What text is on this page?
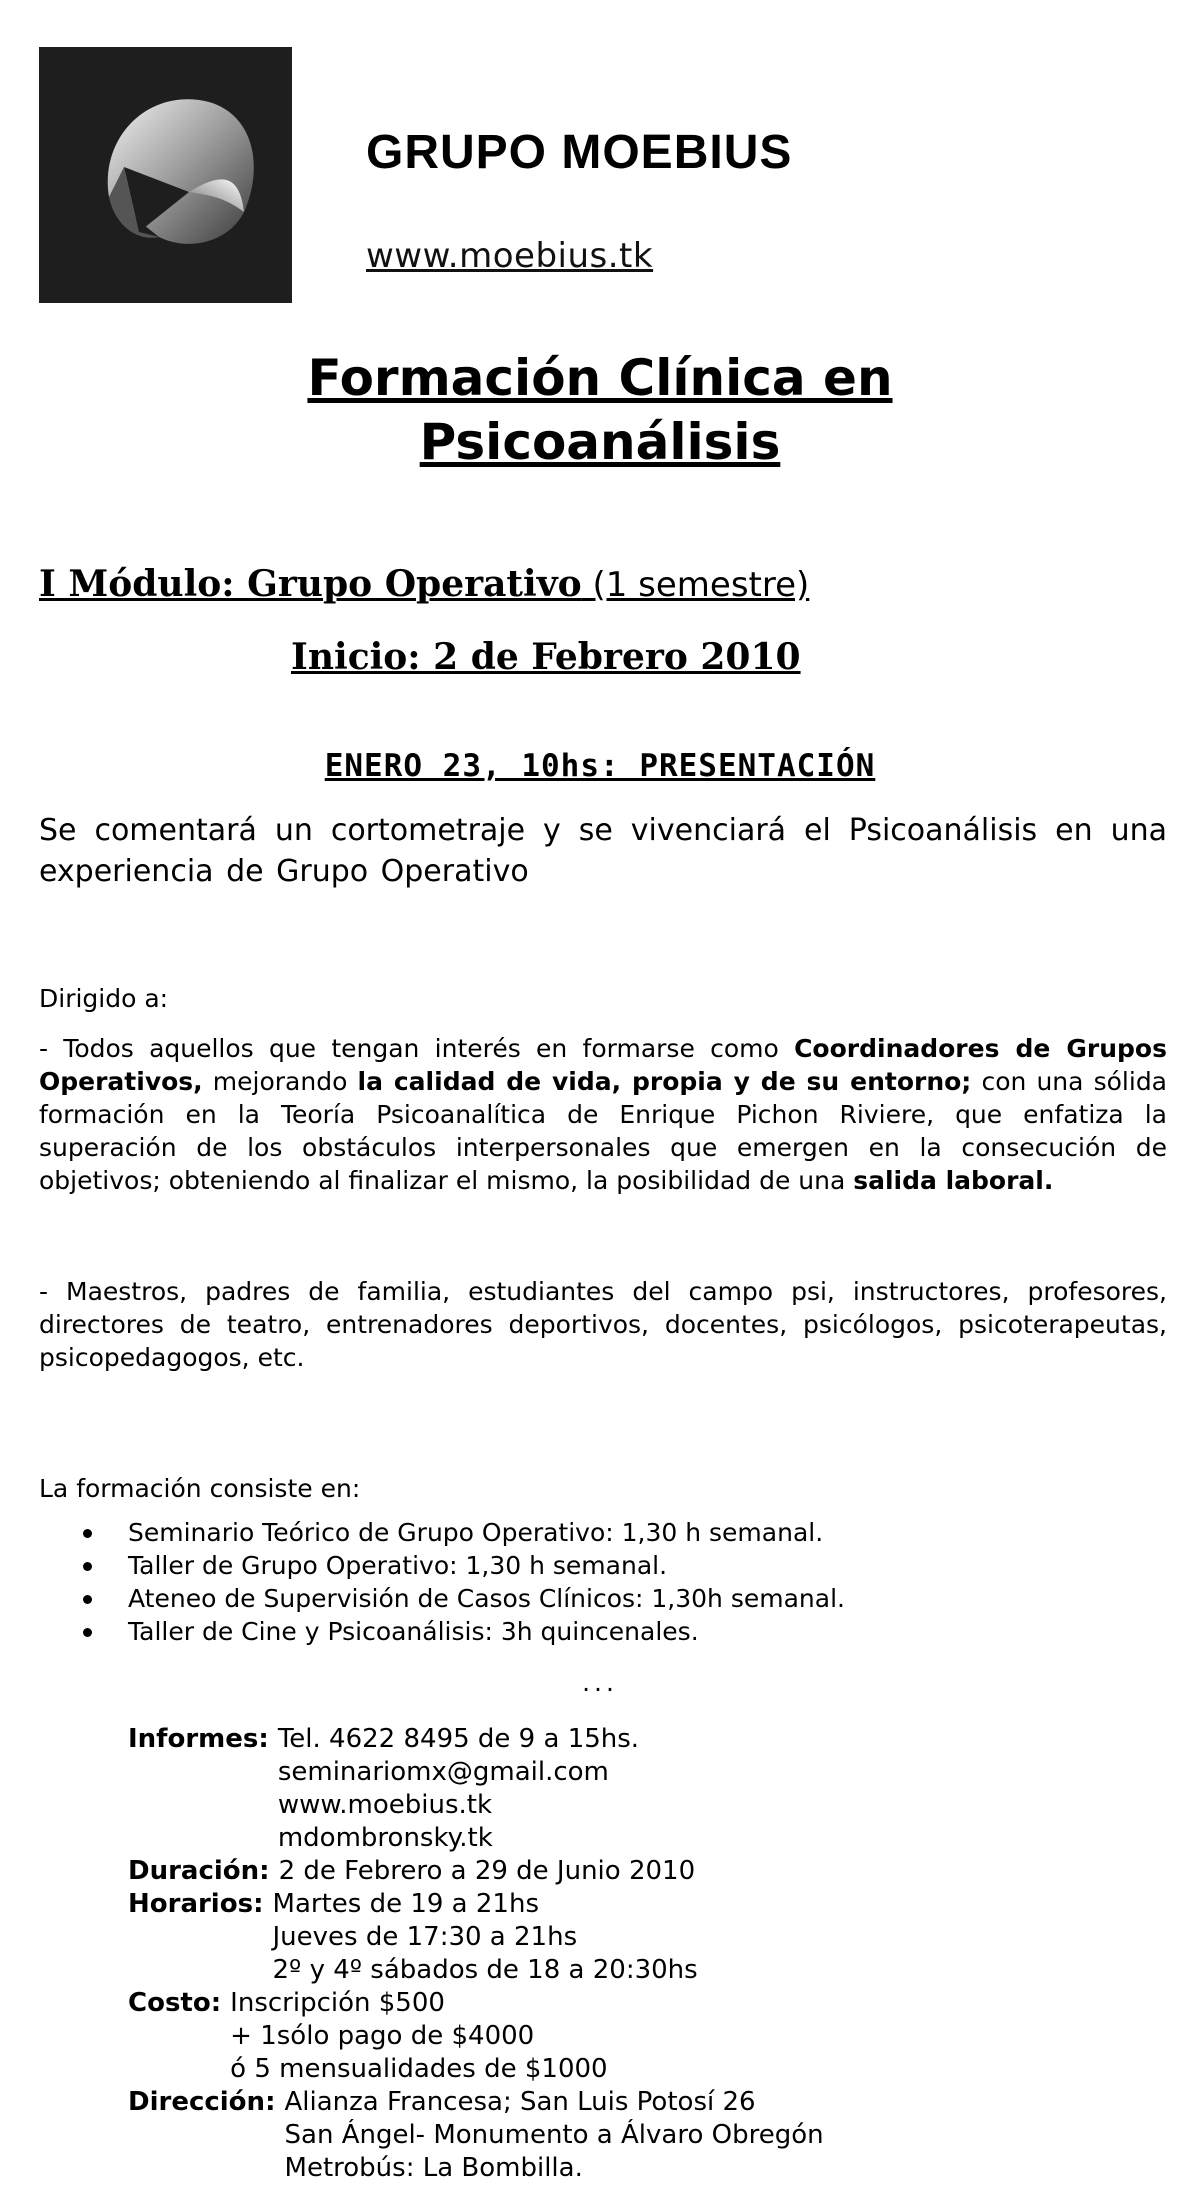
GRUPO MOEBIUS
www.moebius.tk
Formación Clínica en
Psicoanálisis
I Módulo: Grupo Operativo (1 semestre)
Inicio: 2 de Febrero 2010
ENERO 23, 10hs: PRESENTACIÓN
Se comentará un cortometraje y se vivenciará el Psicoanálisis en una experiencia de Grupo Operativo
Dirigido a:
- Todos aquellos que tengan interés en formarse como Coordinadores de Grupos Operativos, mejorando la calidad de vida, propia y de su entorno; con una sólida formación en la Teoría Psicoanalítica de Enrique Pichon Riviere, que enfatiza la superación de los obstáculos interpersonales que emergen en la consecución de objetivos; obteniendo al finalizar el mismo, la posibilidad de una salida laboral.
- Maestros, padres de familia, estudiantes del campo psi, instructores, profesores, directores de teatro, entrenadores deportivos, docentes, psicólogos, psicoterapeutas, psicopedagogos, etc.
La formación consiste en:
Seminario Teórico de Grupo Operativo: 1,30 h semanal.
Taller de Grupo Operativo: 1,30 h semanal.
Ateneo de Supervisión de Casos Clínicos: 1,30h semanal.
Taller de Cine y Psicoanálisis: 3h quincenales.
...
Informes: Tel. 4622 8495 de 9 a 15hs.
seminariomx@gmail.com
www.moebius.tk
mdombronsky.tk
Duración: 2 de Febrero a 29 de Junio 2010
Horarios: Martes de 19 a 21hs
Jueves de 17:30 a 21hs
2º y 4º sábados de 18 a 20:30hs
Costo: Inscripción $500
+ 1sólo pago de $4000
ó 5 mensualidades de $1000
Dirección: Alianza Francesa; San Luis Potosí 26
San Ángel- Monumento a Álvaro Obregón
Metrobús: La Bombilla.
